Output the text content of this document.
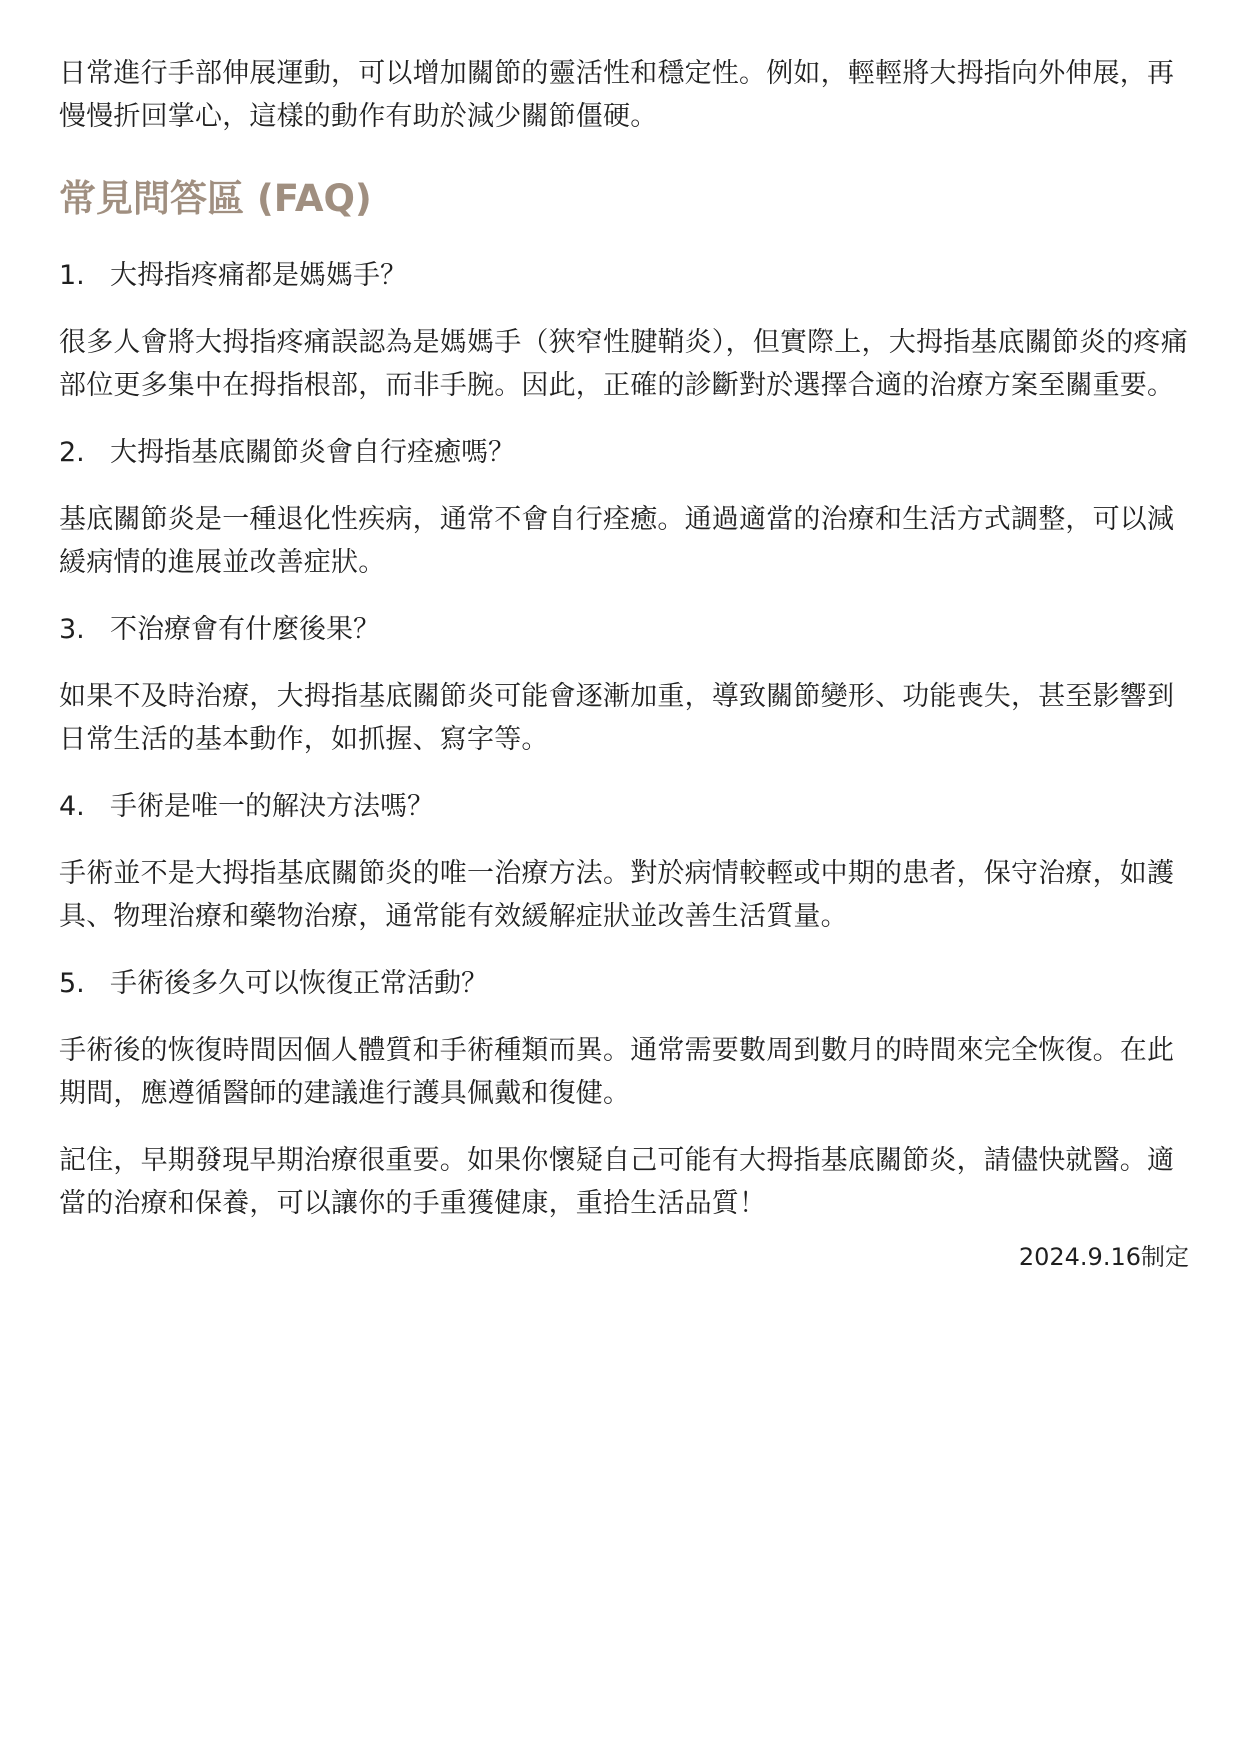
日常進行手部伸展運動，可以增加關節的靈活性和穩定性。例如，輕輕將大拇指向外伸展，再慢慢折回掌心，這樣的動作有助於減少關節僵硬。

常見問答區 (FAQ)
1. 大拇指疼痛都是媽媽手？

很多人會將大拇指疼痛誤認為是媽媽手（狹窄性腱鞘炎），但實際上，大拇指基底關節炎的疼痛部位更多集中在拇指根部，而非手腕。因此，正確的診斷對於選擇合適的治療方案至關重要。

2. 大拇指基底關節炎會自行痊癒嗎？

基底關節炎是一種退化性疾病，通常不會自行痊癒。通過適當的治療和生活方式調整，可以減緩病情的進展並改善症狀。

3. 不治療會有什麼後果？

如果不及時治療，大拇指基底關節炎可能會逐漸加重，導致關節變形、功能喪失，甚至影響到日常生活的基本動作，如抓握、寫字等。

4. 手術是唯一的解決方法嗎？

手術並不是大拇指基底關節炎的唯一治療方法。對於病情較輕或中期的患者，保守治療，如護具、物理治療和藥物治療，通常能有效緩解症狀並改善生活質量。

5. 手術後多久可以恢復正常活動？

手術後的恢復時間因個人體質和手術種類而異。通常需要數周到數月的時間來完全恢復。在此期間，應遵循醫師的建議進行護具佩戴和復健。

記住，早期發現早期治療很重要。如果你懷疑自己可能有大拇指基底關節炎，請儘快就醫。適當的治療和保養，可以讓你的手重獲健康，重拾生活品質！

2024.9.16制定
